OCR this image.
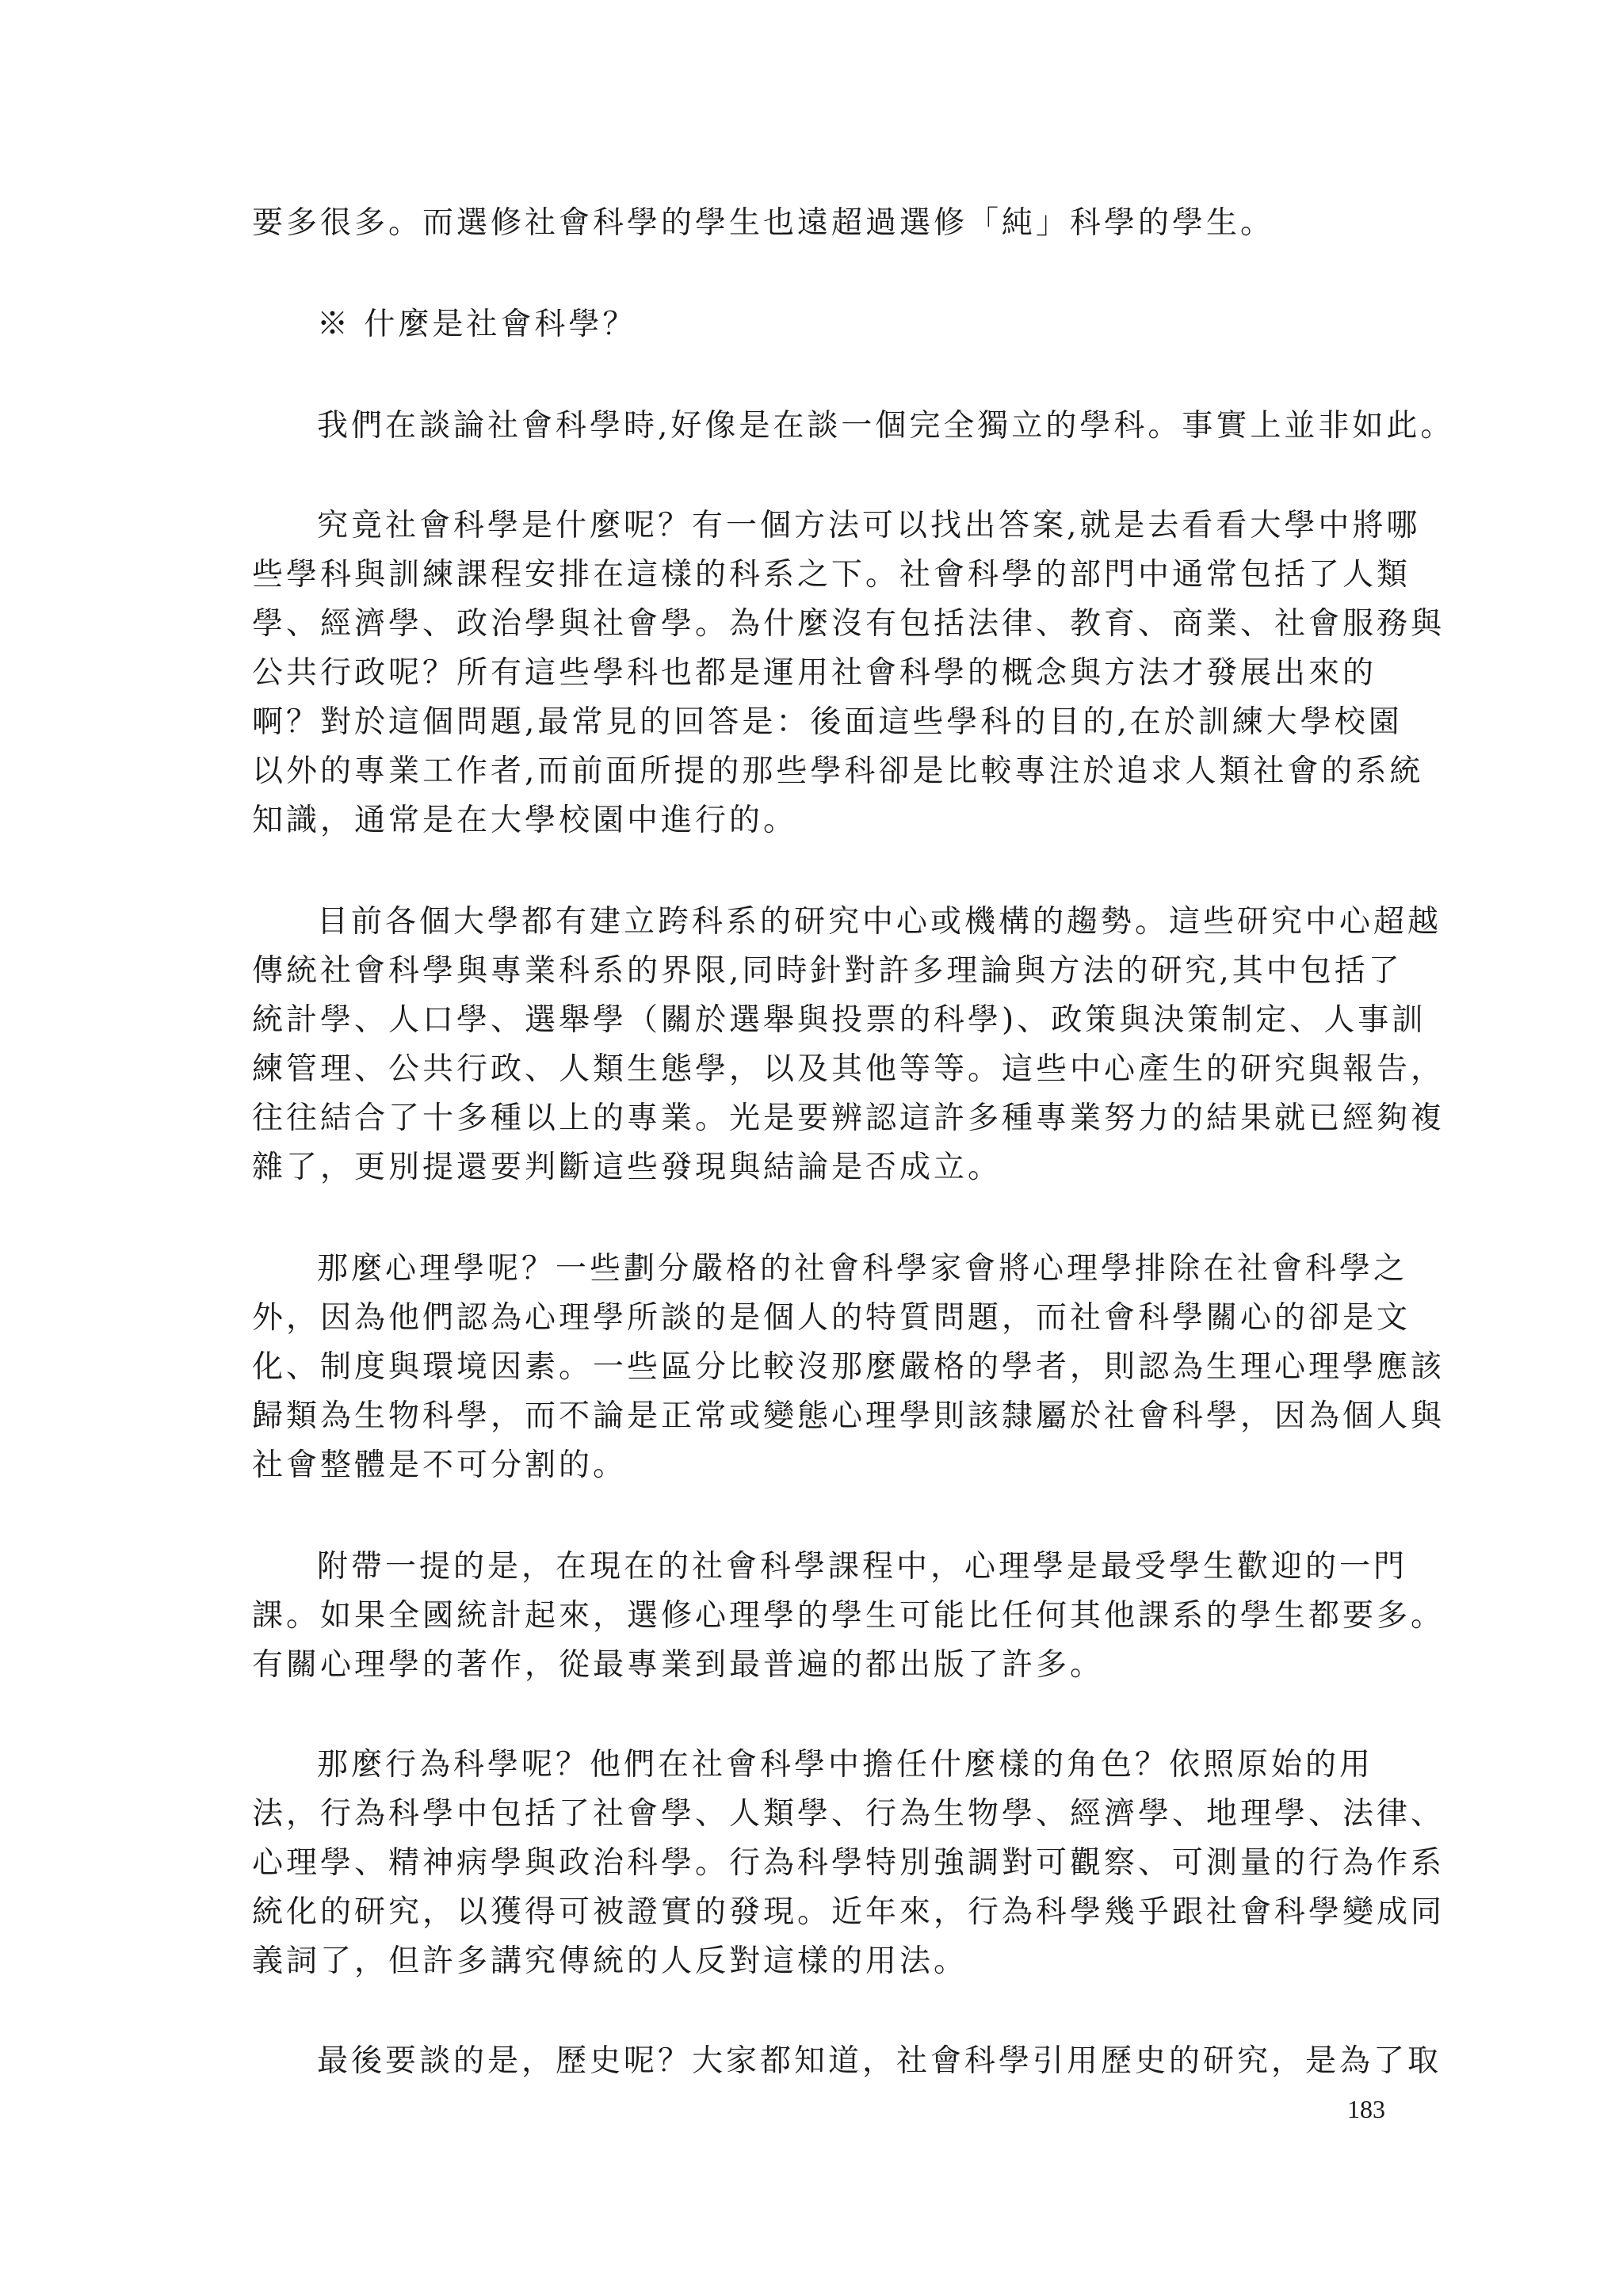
要多很多。而選修社會科學的學生也遠超過選修「純」科學的學生。
※ 什麼是社會科學？
我們在談論社會科學時,好像是在談一個完全獨立的學科。事實上並非如此。
究竟社會科學是什麼呢？有一個方法可以找出答案,就是去看看大學中將哪
些學科與訓練課程安排在這樣的科系之下。社會科學的部門中通常包括了人類
學、經濟學、政治學與社會學。為什麼沒有包括法律、教育、商業、社會服務與
公共行政呢？所有這些學科也都是運用社會科學的概念與方法才發展出來的
啊？對於這個問題,最常見的回答是：後面這些學科的目的,在於訓練大學校園
以外的專業工作者,而前面所提的那些學科卻是比較專注於追求人類社會的系統
知識，通常是在大學校園中進行的。
目前各個大學都有建立跨科系的研究中心或機構的趨勢。這些研究中心超越
傳統社會科學與專業科系的界限,同時針對許多理論與方法的研究,其中包括了
統計學、人口學、選舉學（關於選舉與投票的科學)、政策與決策制定、人事訓
練管理、公共行政、人類生態學，以及其他等等。這些中心產生的研究與報告，
往往結合了十多種以上的專業。光是要辨認這許多種專業努力的結果就已經夠複
雜了，更別提還要判斷這些發現與結論是否成立。
那麼心理學呢？一些劃分嚴格的社會科學家會將心理學排除在社會科學之
外，因為他們認為心理學所談的是個人的特質問題，而社會科學關心的卻是文
化、制度與環境因素。一些區分比較沒那麼嚴格的學者，則認為生理心理學應該
歸類為生物科學，而不論是正常或變態心理學則該隸屬於社會科學，因為個人與
社會整體是不可分割的。
附帶一提的是，在現在的社會科學課程中，心理學是最受學生歡迎的一門
課。如果全國統計起來，選修心理學的學生可能比任何其他課系的學生都要多。
有關心理學的著作，從最專業到最普遍的都出版了許多。
那麼行為科學呢？他們在社會科學中擔任什麼樣的角色？依照原始的用
法，行為科學中包括了社會學、人類學、行為生物學、經濟學、地理學、法律、
心理學、精神病學與政治科學。行為科學特別強調對可觀察、可測量的行為作系
統化的研究，以獲得可被證實的發現。近年來，行為科學幾乎跟社會科學變成同
義詞了，但許多講究傳統的人反對這樣的用法。
最後要談的是，歷史呢？大家都知道，社會科學引用歷史的研究，是為了取
183
